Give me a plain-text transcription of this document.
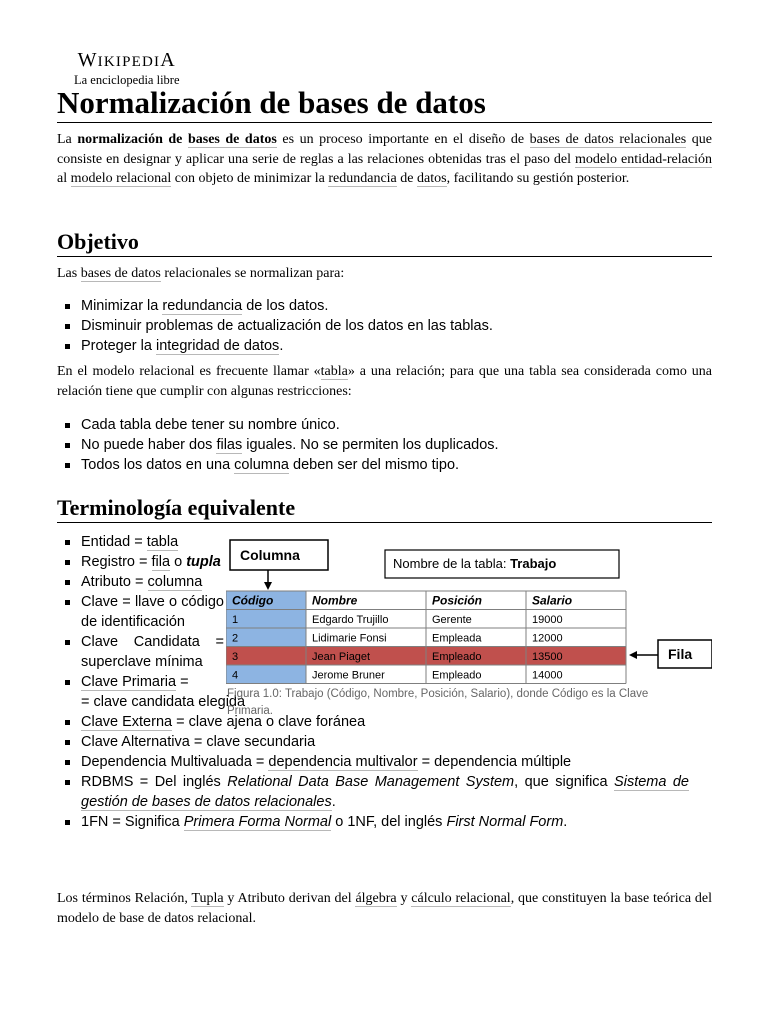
WIKIPEDIA
La enciclopedia libre
Normalización de bases de datos
La normalización de bases de datos es un proceso importante en el diseño de bases de datos relacionales que consiste en designar y aplicar una serie de reglas a las relaciones obtenidas tras el paso del modelo entidad-relación al modelo relacional con objeto de minimizar la redundancia de datos, facilitando su gestión posterior.
Objetivo
Las bases de datos relacionales se normalizan para:
Minimizar la redundancia de los datos.
Disminuir problemas de actualización de los datos en las tablas.
Proteger la integridad de datos.
En el modelo relacional es frecuente llamar «tabla» a una relación; para que una tabla sea considerada como una relación tiene que cumplir con algunas restricciones:
Cada tabla debe tener su nombre único.
No puede haber dos filas iguales. No se permiten los duplicados.
Todos los datos en una columna deben ser del mismo tipo.
Terminología equivalente
Entidad = tabla
Registro = fila o tupla
Atributo = columna
Clave = llave o código de identificación
Clave Candidata = superclave mínima
Clave Primaria =
= clave candidata elegida
Clave Externa = clave ajena o clave foránea
Clave Alternativa = clave secundaria
Dependencia Multivaluada = dependencia multivalor = dependencia múltiple
RDBMS = Del inglés Relational Data Base Management System, que significa Sistema de gestión de bases de datos relacionales.
1FN = Significa Primera Forma Normal o 1NF, del inglés First Normal Form.
Los términos Relación, Tupla y Atributo derivan del álgebra y cálculo relacional, que constituyen la base teórica del modelo de base de datos relacional.
Columna
Nombre de la tabla: Trabajo
Código	Nombre	Posición	Salario
1	Edgardo Trujillo	Gerente	19000
2	Lidimarie Fonsi	Empleada	12000
3	Jean Piaget	Empleado	13500
4	Jerome Bruner	Empleado	14000
Fila
Figura 1.0: Trabajo (Código, Nombre, Posición, Salario), donde Código es la Clave Primaria.
